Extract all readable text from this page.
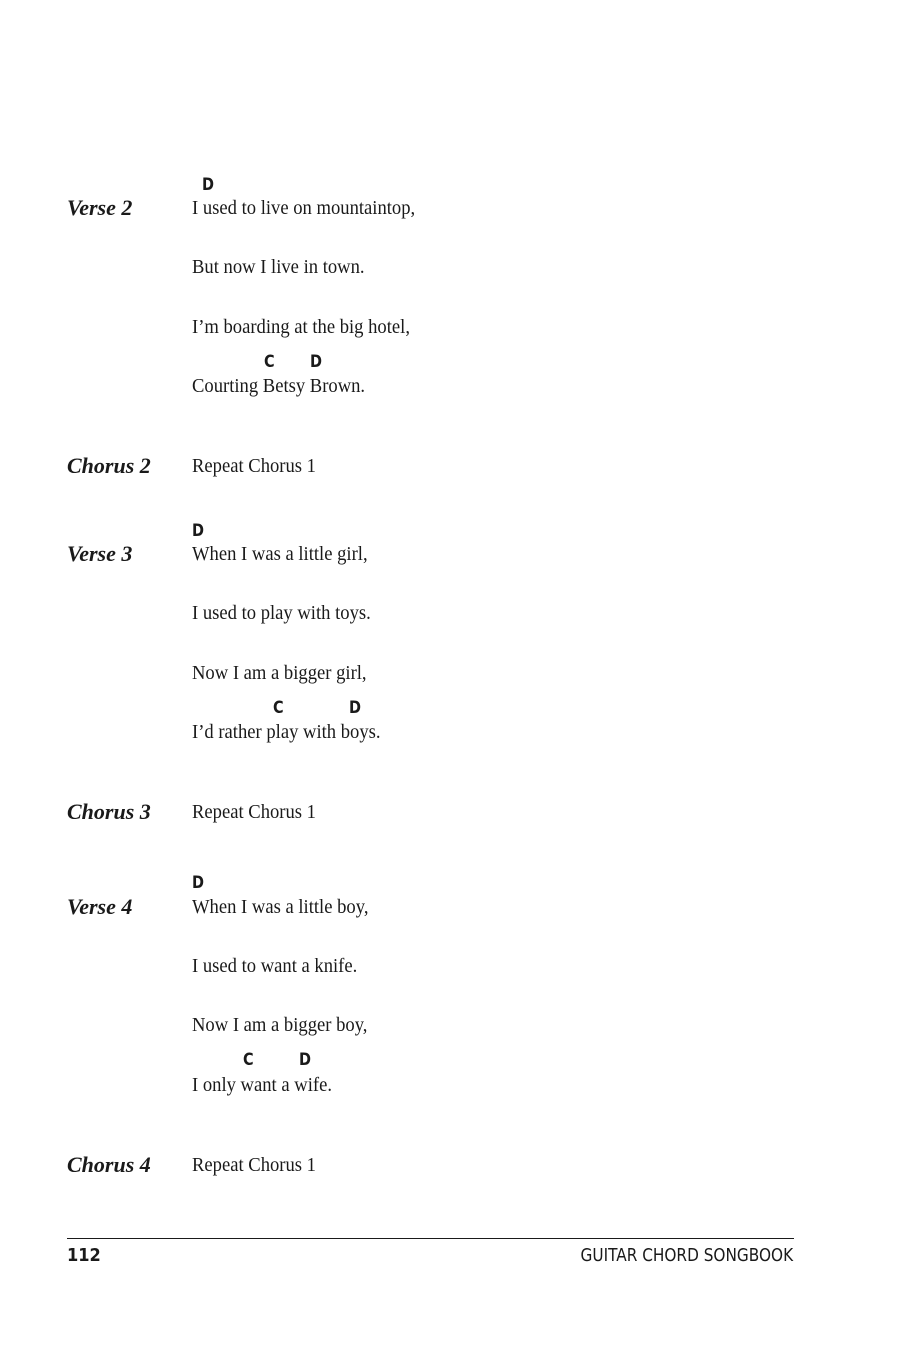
D
Verse 2	I used to live on mountaintop,
But now I live in town.
I’m boarding at the big hotel,
C D
Courting Betsy Brown.
Chorus 2 Repeat Chorus 1
D
Verse 3	When I was a little girl,
I used to play with toys.
Now I am a bigger girl,
C	D
I’d rather play with boys.
Chorus 3 Repeat Chorus 1
D
Verse 4	When I was a little boy,
I used to want a knife.
Now I am a bigger boy,
C	D
I only want a wife.
Chorus 4 Repeat Chorus 1
112	GUITAR CHORD SONGBOOK
